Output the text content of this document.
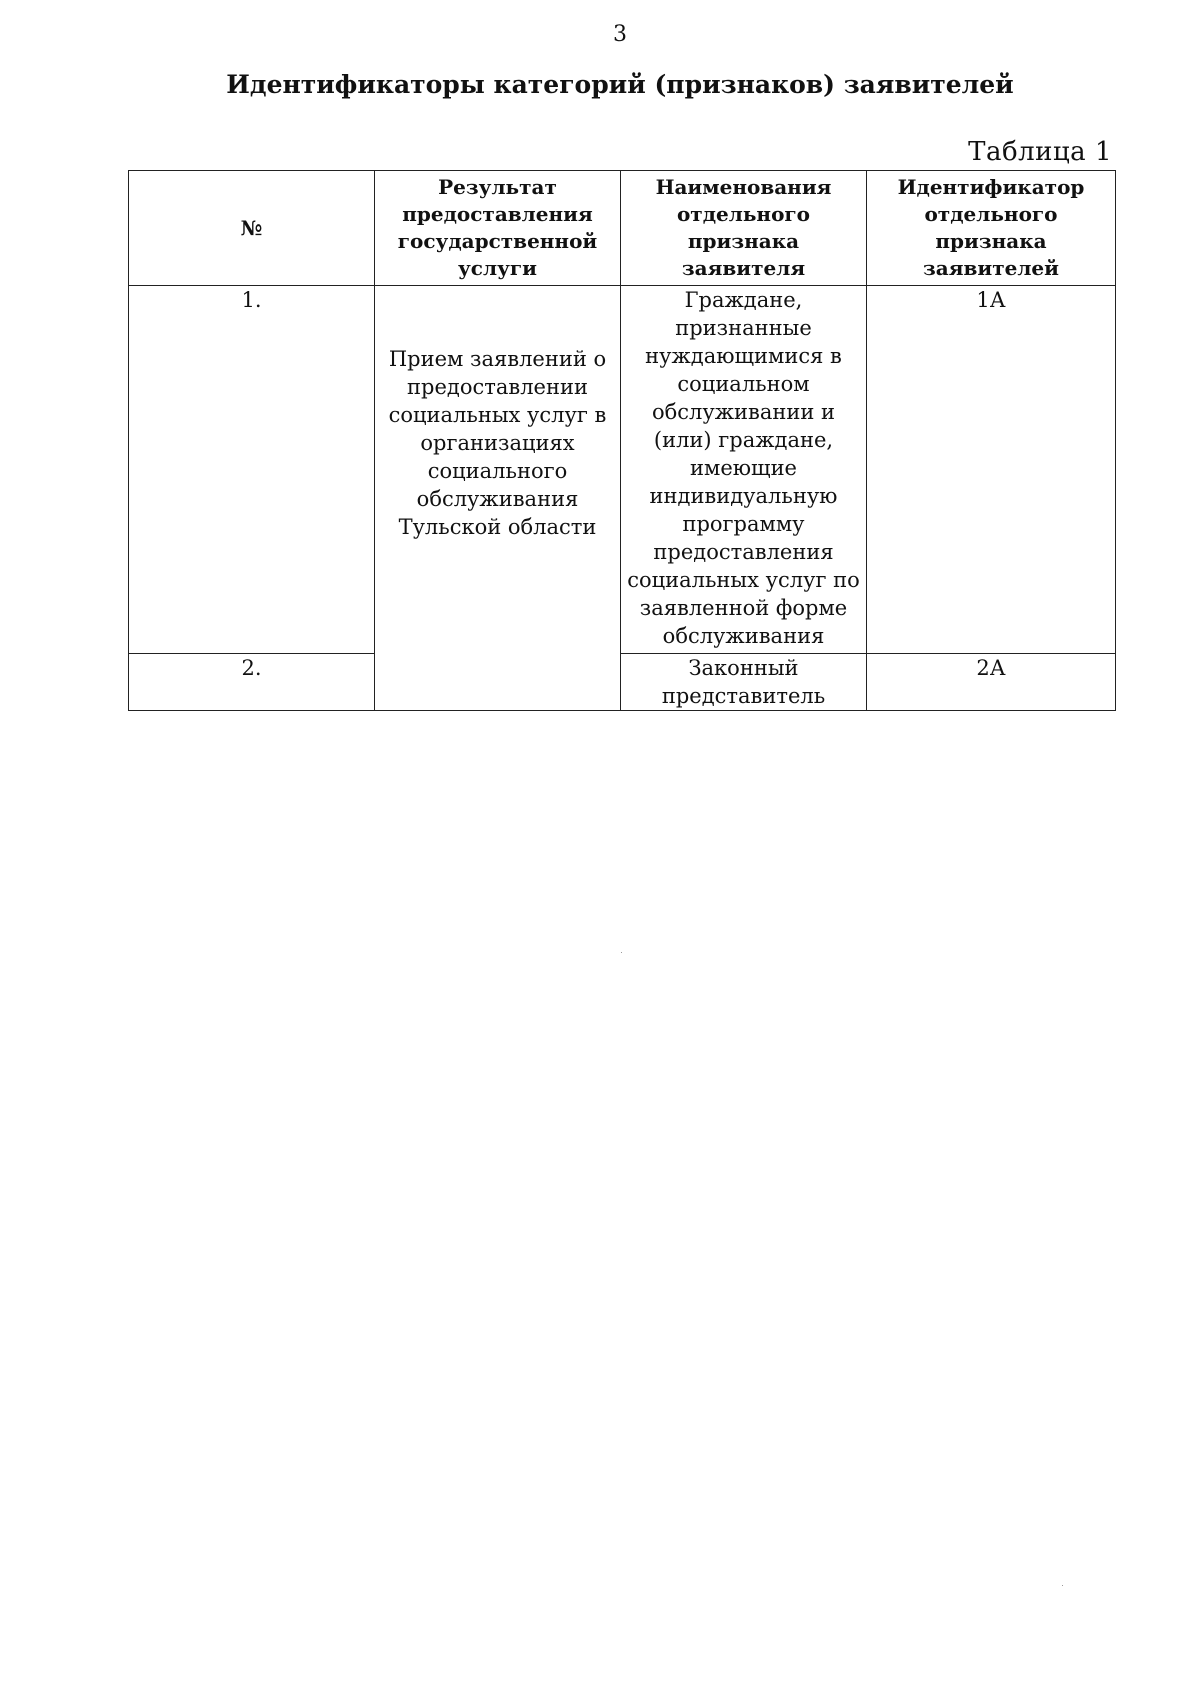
3
Идентификаторы категорий (признаков) заявителей
Таблица 1
№	Результат предоставления государственной услуги	Наименования отдельного признака заявителя	Идентификатор отдельного признака заявителей
1.	Прием заявлений о предоставлении социальных услуг в организациях социального обслуживания Тульской области	Граждане, признанные нуждающимися в социальном обслуживании и (или) граждане, имеющие индивидуальную программу предоставления социальных услуг по заявленной форме обслуживания	1А
2.		Законный представитель	2А
